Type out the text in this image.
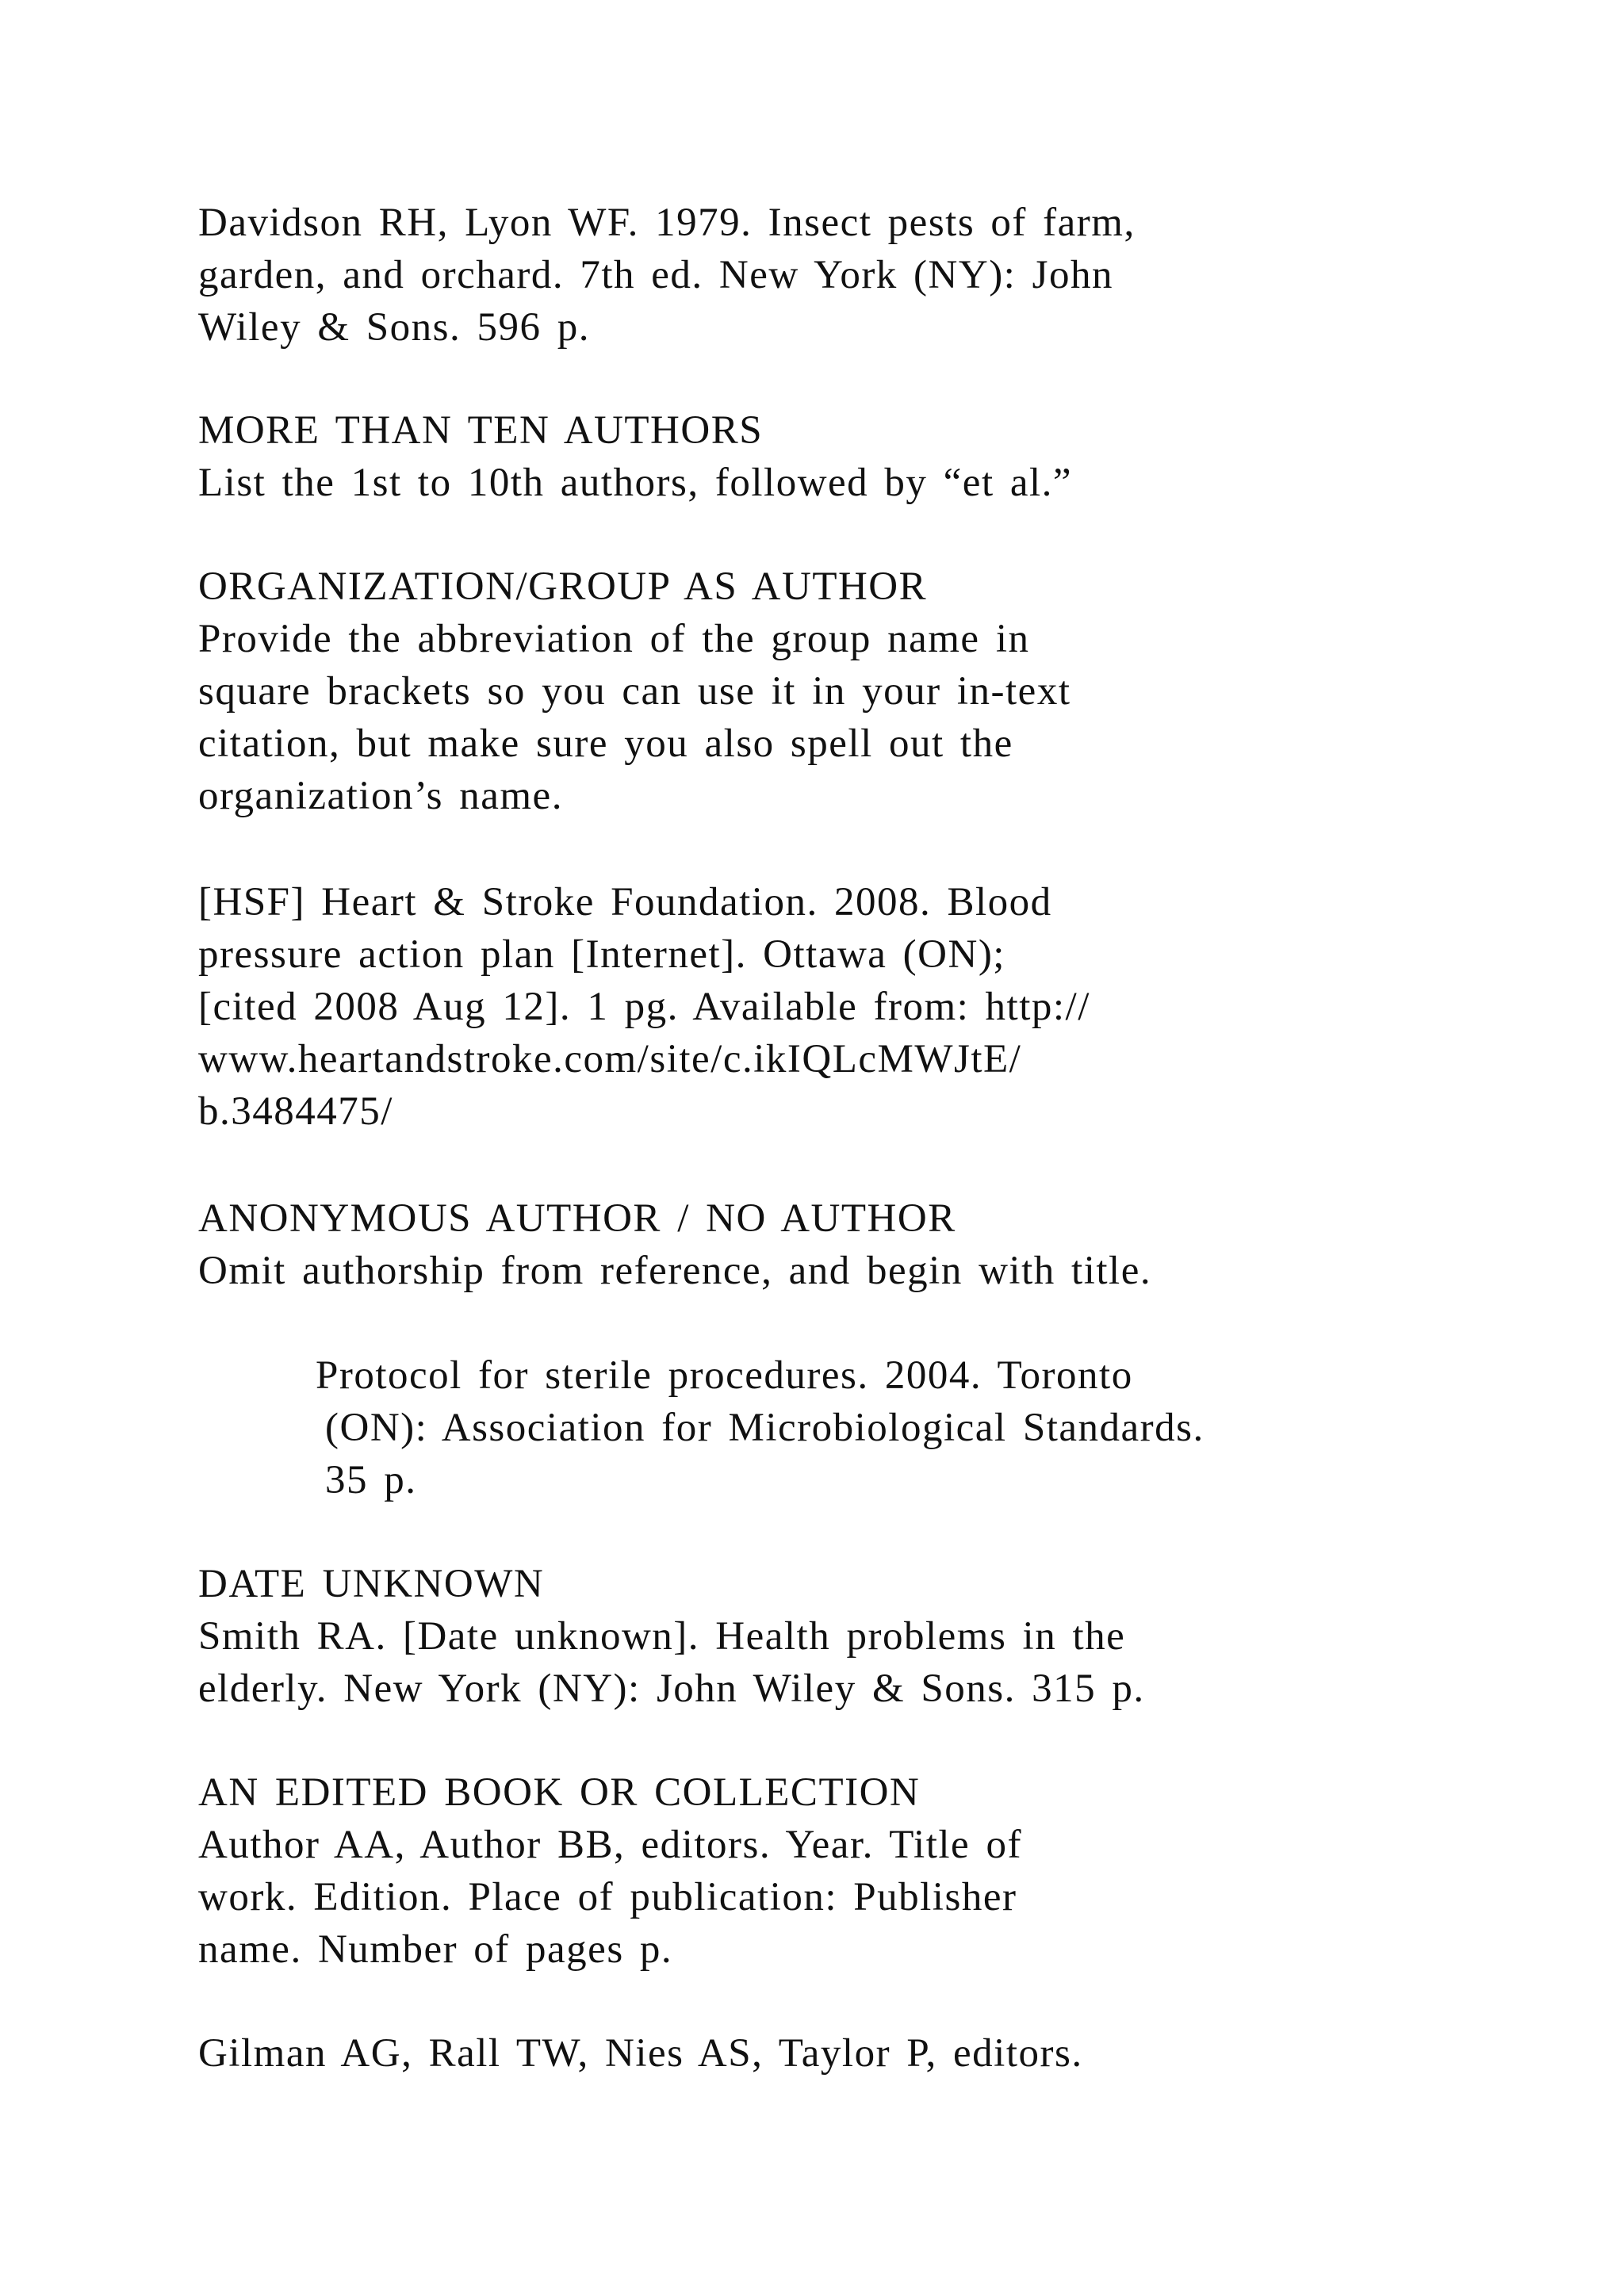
Davidson RH, Lyon WF. 1979. Insect pests of farm,
garden, and orchard. 7th ed. New York (NY): John
Wiley & Sons. 596 p.
MORE THAN TEN AUTHORS
List the 1st to 10th authors, followed by “et al.”
ORGANIZATION/GROUP AS AUTHOR
Provide the abbreviation of the group name in
square brackets so you can use it in your in-text
citation, but make sure you also spell out the
organization’s name.
[HSF] Heart & Stroke Foundation. 2008. Blood
pressure action plan [Internet]. Ottawa (ON);
[cited 2008 Aug 12]. 1 pg. Available from: http://
www.heartandstroke.com/site/c.ikIQLcMWJtE/
b.3484475/
ANONYMOUS AUTHOR / NO AUTHOR
Omit authorship from reference, and begin with title.
Protocol for sterile procedures. 2004. Toronto
(ON): Association for Microbiological Standards.
35 p.
DATE UNKNOWN
Smith RA. [Date unknown]. Health problems in the
elderly. New York (NY): John Wiley & Sons. 315 p.
AN EDITED BOOK OR COLLECTION
Author AA, Author BB, editors. Year. Title of
work. Edition. Place of publication: Publisher
name. Number of pages p.
Gilman AG, Rall TW, Nies AS, Taylor P, editors.
